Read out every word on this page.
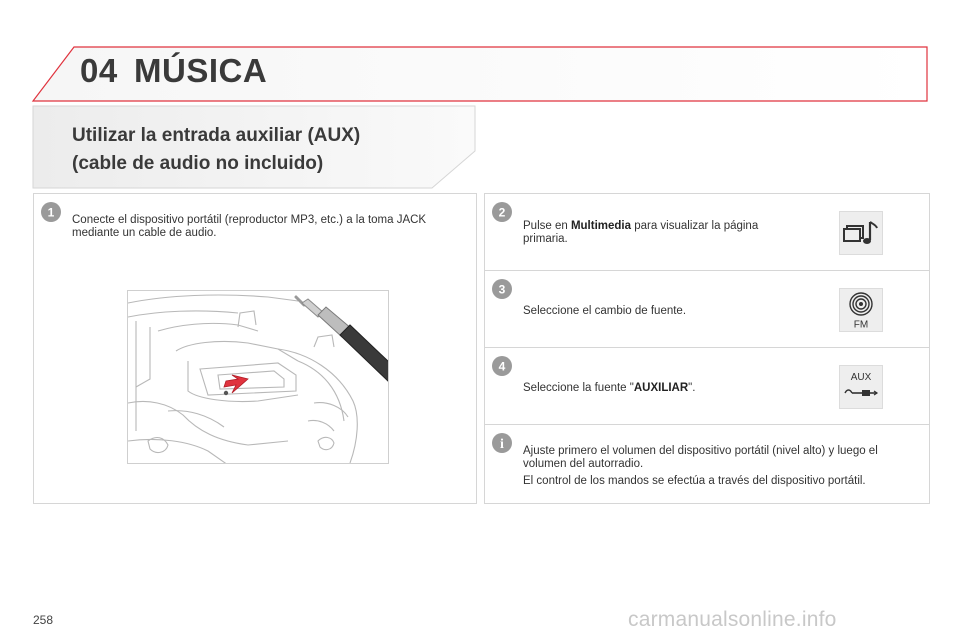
04 MÚSICA
Utilizar la entrada auxiliar (AUX)
(cable de audio no incluido)
1
Conecte el dispositivo portátil (reproductor MP3, etc.) a la toma JACK mediante un cable de audio.
2
Pulse en Multimedia para visualizar la página primaria.
3
Seleccione el cambio de fuente.
FM
4
Seleccione la fuente "AUXILIAR".
AUX
i Ajuste primero el volumen del dispositivo portátil (nivel alto) y luego el volumen del autorradio.
El control de los mandos se efectúa a través del dispositivo portátil.
258	carmanualsonline.info
